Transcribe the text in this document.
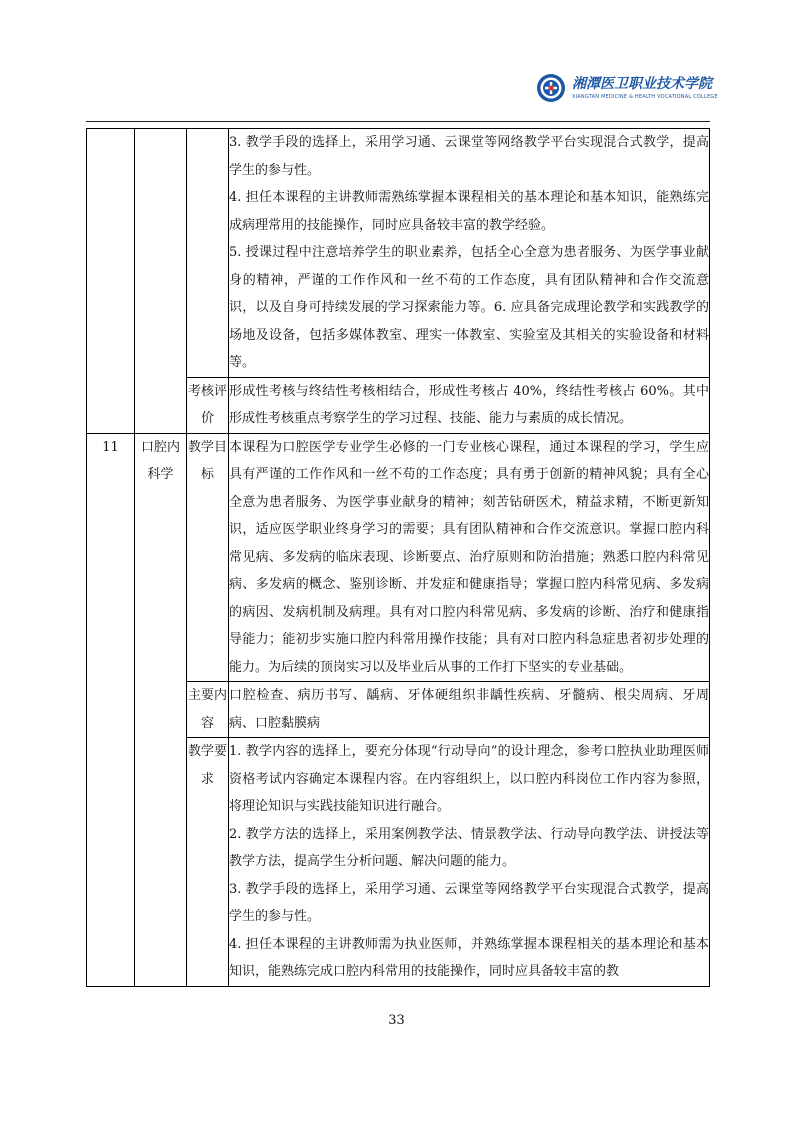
湘潭医卫职业技术学院
XIANGTAN MEDICINE & HEALTH VOCATIONAL COLLEGE

			3. 教学手段的选择上，采用学习通、云课堂等网络教学平台实现混合式教学，提高学生的参与性。

4. 担任本课程的主讲教师需熟练掌握本课程相关的基本理论和基本知识，能熟练完成病理常用的技能操作，同时应具备较丰富的教学经验。

5. 授课过程中注意培养学生的职业素养，包括全心全意为患者服务、为医学事业献身的精神，严谨的工作作风和一丝不苟的工作态度，具有团队精神和合作交流意识，以及自身可持续发展的学习探索能力等。6. 应具备完成理论教学和实践教学的场地及设备，包括多媒体教室、理实一体教室、实验室及其相关的实验设备和材料等。

		考核评价	形成性考核与终结性考核相结合，形成性考核占 40%，终结性考核占 60%。其中形成性考核重点考察学生的学习过程、技能、能力与素质的成长情况。
11	口腔内科学	教学目标	本课程为口腔医学专业学生必修的一门专业核心课程，通过本课程的学习，学生应具有严谨的工作作风和一丝不苟的工作态度；具有勇于创新的精神风貌；具有全心全意为患者服务、为医学事业献身的精神；刻苦钻研医术，精益求精，不断更新知识，适应医学职业终身学习的需要；具有团队精神和合作交流意识。掌握口腔内科常见病、多发病的临床表现、诊断要点、治疗原则和防治措施；熟悉口腔内科常见病、多发病的概念、鉴别诊断、并发症和健康指导；掌握口腔内科常见病、多发病的病因、发病机制及病理。具有对口腔内科常见病、多发病的诊断、治疗和健康指导能力；能初步实施口腔内科常用操作技能；具有对口腔内科急症患者初步处理的能力。为后续的顶岗实习以及毕业后从事的工作打下坚实的专业基础。
		主要内容	口腔检查、病历书写、龋病、牙体硬组织非龋性疾病、牙髓病、根尖周病、牙周病、口腔黏膜病
		教学要求	1. 教学内容的选择上，要充分体现“行动导向”的设计理念，参考口腔执业助理医师资格考试内容确定本课程内容。在内容组织上，以口腔内科岗位工作内容为参照，将理论知识与实践技能知识进行融合。

2. 教学方法的选择上，采用案例教学法、情景教学法、行动导向教学法、讲授法等教学方法，提高学生分析问题、解决问题的能力。

3. 教学手段的选择上，采用学习通、云课堂等网络教学平台实现混合式教学，提高学生的参与性。

4. 担任本课程的主讲教师需为执业医师，并熟练掌握本课程相关的基本理论和基本知识，能熟练完成口腔内科常用的技能操作，同时应具备较丰富的教

33
